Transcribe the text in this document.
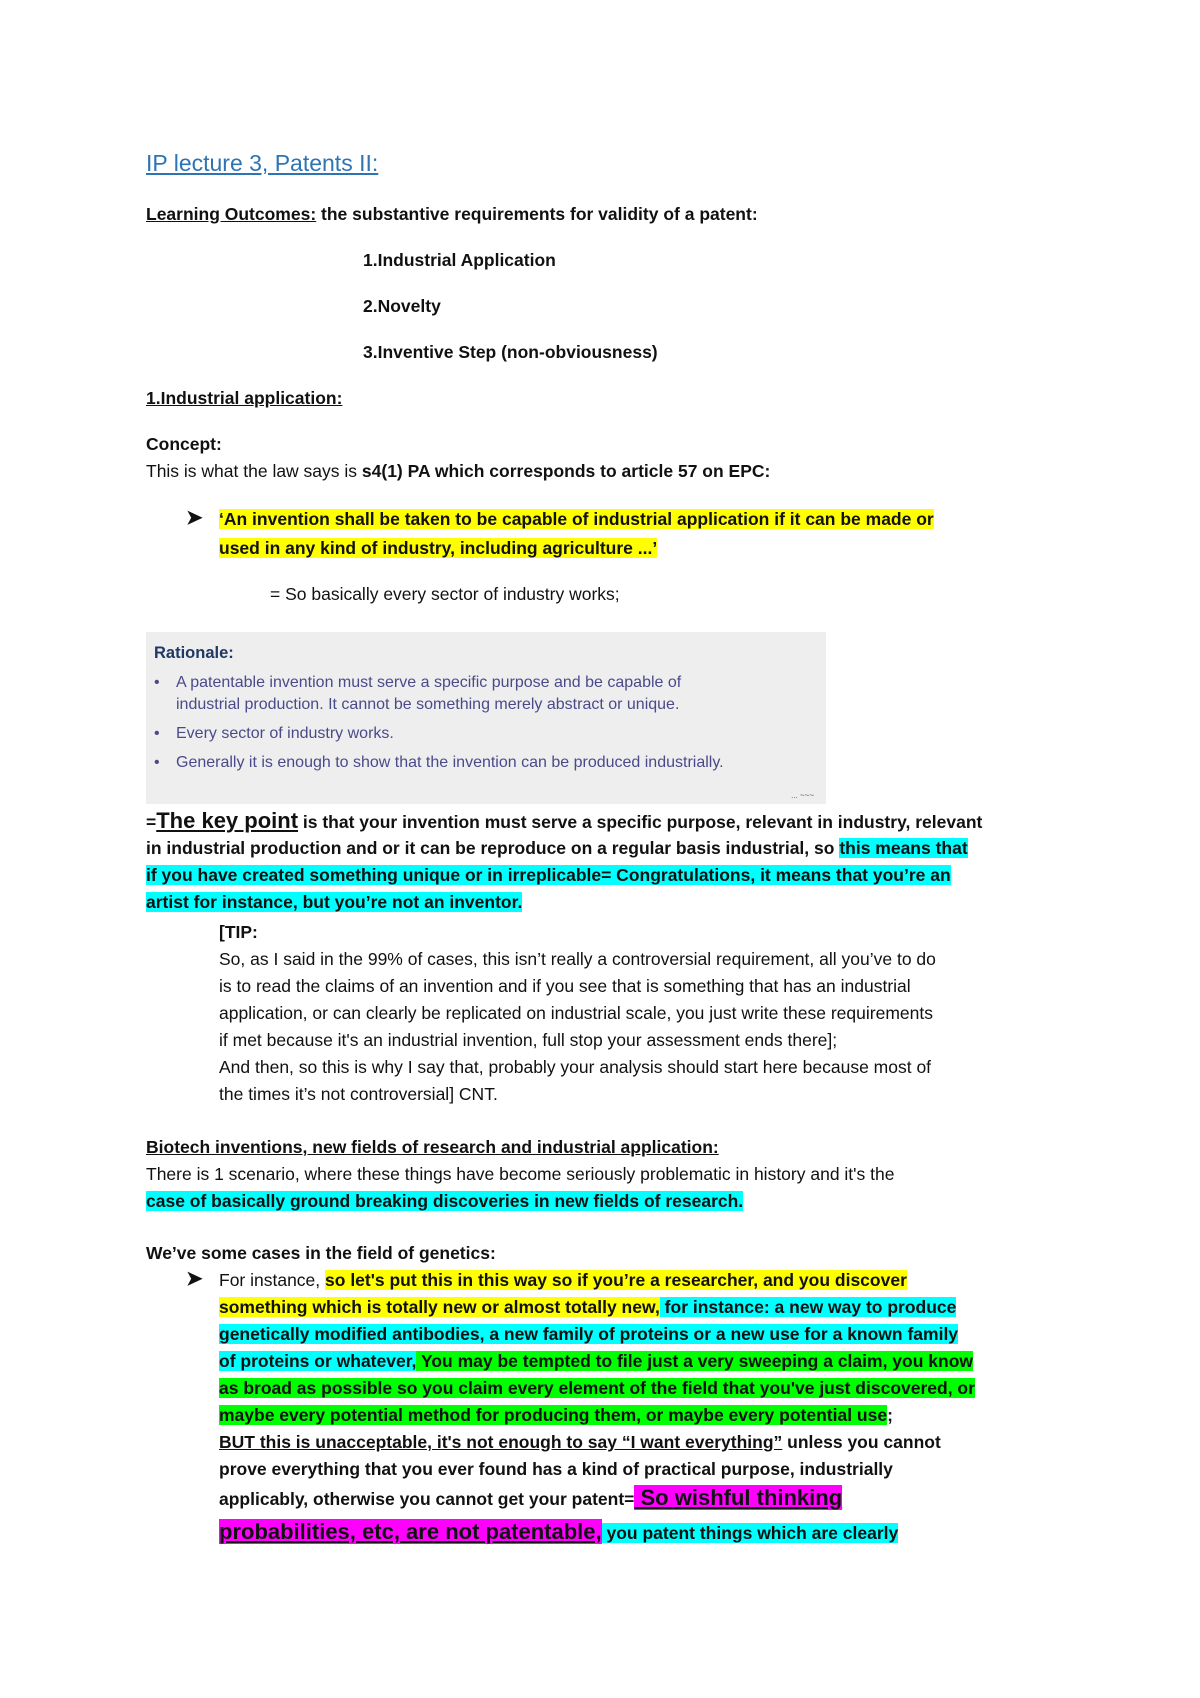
IP lecture 3, Patents II:
Learning Outcomes: the substantive requirements for validity of a patent:
1.Industrial Application
2.Novelty
3.Inventive Step (non-obviousness)
1.Industrial application:
Concept:
This is what the law says is s4(1) PA which corresponds to article 57 on EPC:
➤ ‘An invention shall be taken to be capable of industrial application if it can be made or
used in any kind of industry, including agriculture ...’
= So basically every sector of industry works;
Rationale:
• A patentable invention must serve a specific purpose and be capable of
industrial production. It cannot be something merely abstract or unique.
• Every sector of industry works.
• Generally it is enough to show that the invention can be produced industrially.
... ~~~
=The key point is that your invention must serve a specific purpose, relevant in industry, relevant
in industrial production and or it can be reproduce on a regular basis industrial, so this means that
if you have created something unique or in irreplicable= Congratulations, it means that you’re an
artist for instance, but you’re not an inventor.
[TIP:
So, as I said in the 99% of cases, this isn’t really a controversial requirement, all you’ve to do
is to read the claims of an invention and if you see that is something that has an industrial
application, or can clearly be replicated on industrial scale, you just write these requirements
if met because it's an industrial invention, full stop your assessment ends there];
And then, so this is why I say that, probably your analysis should start here because most of
the times it’s not controversial] CNT.
Biotech inventions, new fields of research and industrial application:
There is 1 scenario, where these things have become seriously problematic in history and it's the
case of basically ground breaking discoveries in new fields of research.
We’ve some cases in the field of genetics:
➤ For instance, so let's put this in this way so if you’re a researcher, and you discover
something which is totally new or almost totally new, for instance: a new way to produce
genetically modified antibodies, a new family of proteins or a new use for a known family
of proteins or whatever, You may be tempted to file just a very sweeping a claim, you know
as broad as possible so you claim every element of the field that you've just discovered, or
maybe every potential method for producing them, or maybe every potential use;
BUT this is unacceptable, it's not enough to say “I want everything” unless you cannot
prove everything that you ever found has a kind of practical purpose, industrially
applicably, otherwise you cannot get your patent= So wishful thinking
probabilities, etc, are not patentable, you patent things which are clearly
